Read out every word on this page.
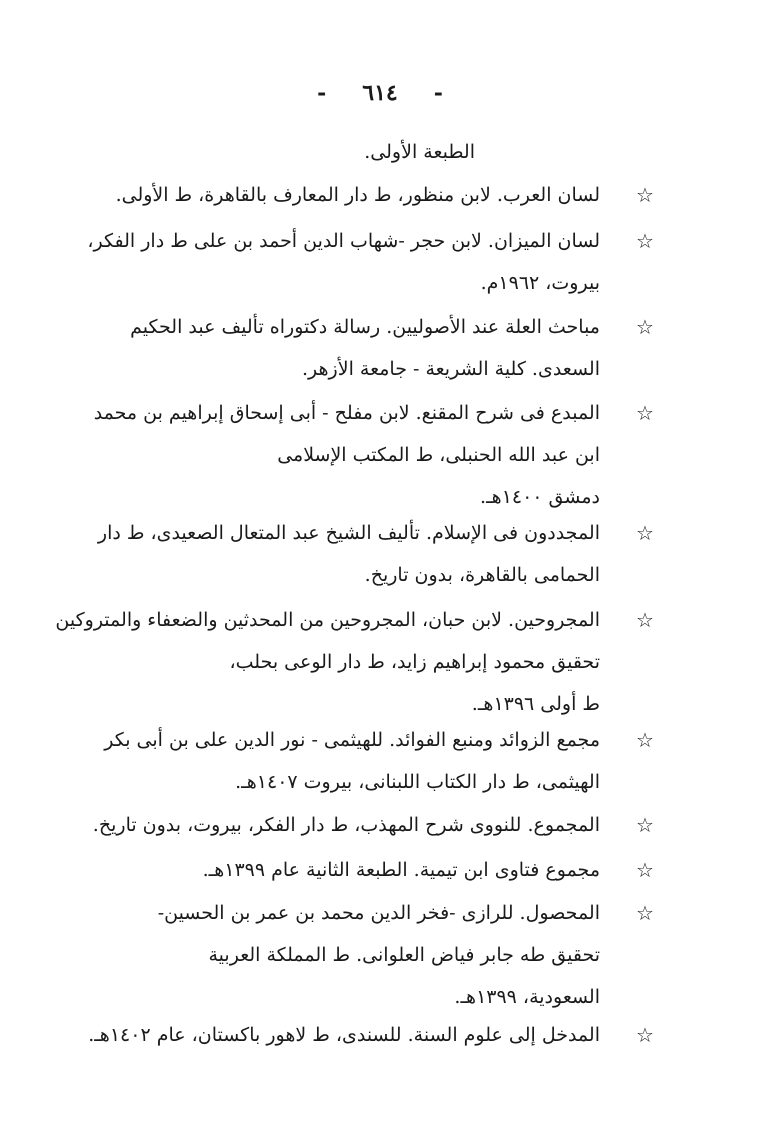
- ٦١٤ -
الطبعة الأولى.
☆
لسان العرب. لابن منظور، ط دار المعارف بالقاهرة، ط الأولى.
☆
لسان الميزان. لابن حجر -شهاب الدين أحمد بن على ط دار الفكر،
بيروت، ١٩٦٢م.
☆
مباحث العلة عند الأصوليين. رسالة دكتوراه تأليف عبد الحكيم
السعدى. كلية الشريعة - جامعة الأزهر.
☆
المبدع فى شرح المقنع. لابن مفلح - أبى إسحاق إبراهيم بن محمد
ابن عبد الله الحنبلى، ط المكتب الإسلامى
دمشق ١٤٠٠هـ.
☆
المجددون فى الإسلام. تأليف الشيخ عبد المتعال الصعيدى، ط دار
الحمامى بالقاهرة، بدون تاريخ.
☆
المجروحين. لابن حبان، المجروحين من المحدثين والضعفاء والمتروكين
تحقيق محمود إبراهيم زايد، ط دار الوعى بحلب،
ط أولى ١٣٩٦هـ.
☆
مجمع الزوائد ومنبع الفوائد. للهيثمى - نور الدين على بن أبى بكر
الهيثمى، ط دار الكتاب اللبنانى، بيروت ١٤٠٧هـ.
☆
المجموع. للنووى شرح المهذب، ط دار الفكر، بيروت، بدون تاريخ.
☆
مجموع فتاوى ابن تيمية. الطبعة الثانية عام ١٣٩٩هـ.
☆
المحصول. للرازى -فخر الدين محمد بن عمر بن الحسين-
تحقيق طه جابر فياض العلوانى. ط المملكة العربية
السعودية، ١٣٩٩هـ.
☆
المدخل إلى علوم السنة. للسندى، ط لاهور باكستان، عام ١٤٠٢هـ.
